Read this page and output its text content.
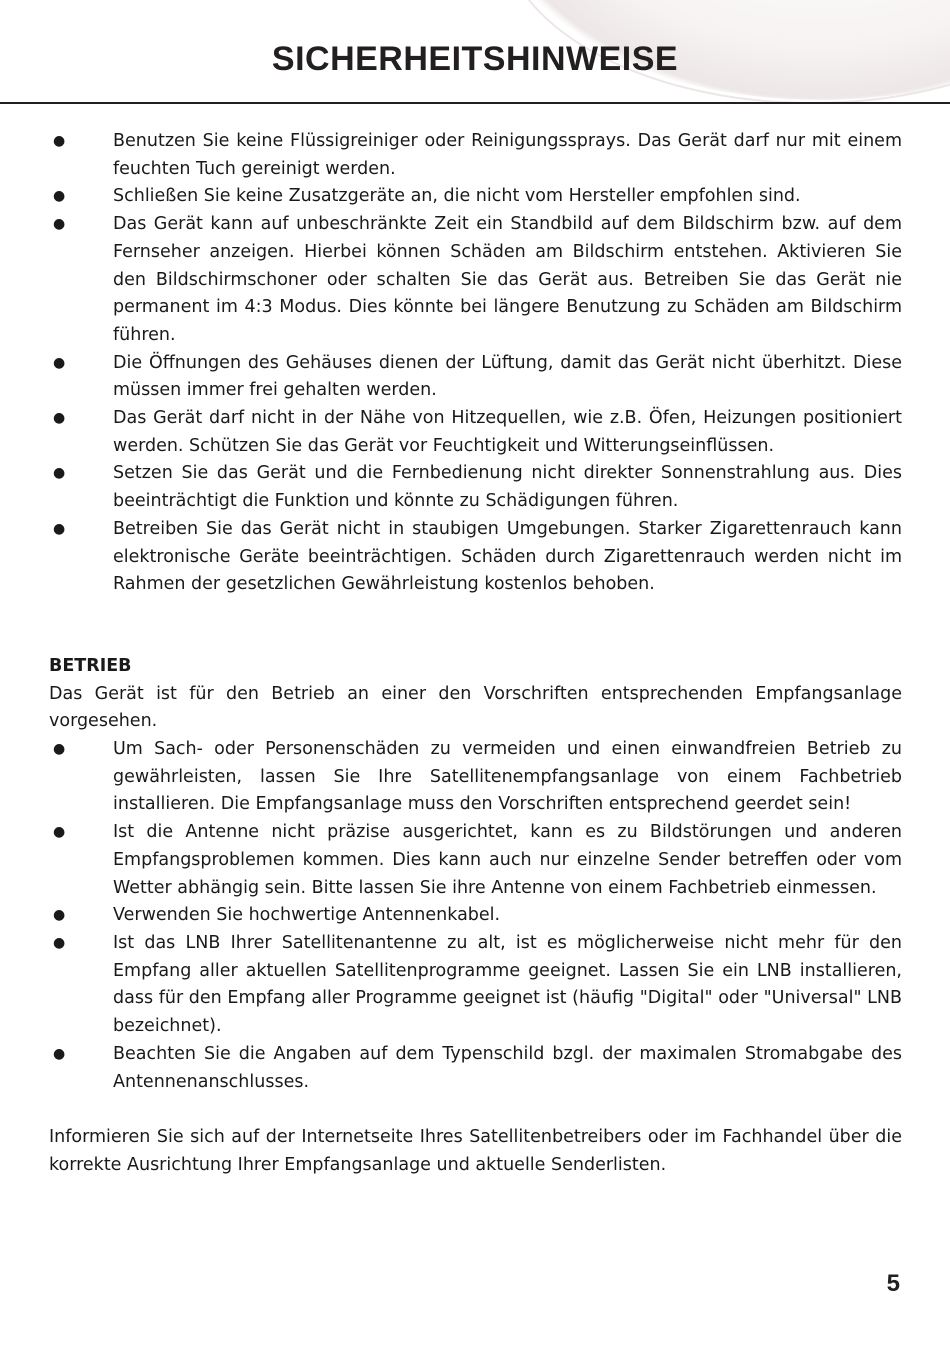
SICHERHEITSHINWEISE
●	Benutzen Sie keine Flüssigreiniger oder Reinigungssprays. Das Gerät darf nur mit einem feuchten Tuch gereinigt werden.
●	Schließen Sie keine Zusatzgeräte an, die nicht vom Hersteller empfohlen sind.
●	Das Gerät kann auf unbeschränkte Zeit ein Standbild auf dem Bildschirm bzw. auf dem Fernseher anzeigen. Hierbei können Schäden am Bildschirm entstehen. Aktivieren Sie den Bildschirmschoner oder schalten Sie das Gerät aus. Betreiben Sie das Gerät nie permanent im 4:3 Modus. Dies könnte bei längere Benutzung zu Schäden am Bildschirm führen.
●	Die Öffnungen des Gehäuses dienen der Lüftung, damit das Gerät nicht überhitzt. Diese müssen immer frei gehalten werden.
●	Das Gerät darf nicht in der Nähe von Hitzequellen, wie z.B. Öfen, Heizungen positioniert werden. Schützen Sie das Gerät vor Feuchtigkeit und Witterungseinflüssen.
●	Setzen Sie das Gerät und die Fernbedienung nicht direkter Sonnenstrahlung aus. Dies beeinträchtigt die Funktion und könnte zu Schädigungen führen.
●	Betreiben Sie das Gerät nicht in staubigen Umgebungen. Starker Zigarettenrauch kann elektronische Geräte beeinträchtigen. Schäden durch Zigarettenrauch werden nicht im Rahmen der gesetzlichen Gewährleistung kostenlos behoben.
BETRIEB

Das Gerät ist für den Betrieb an einer den Vorschriften entsprechenden Empfangsanlage vorgesehen.

●	Um Sach- oder Personenschäden zu vermeiden und einen einwandfreien Betrieb zu gewährleisten, lassen Sie Ihre Satellitenempfangsanlage von einem Fachbetrieb installieren. Die Empfangsanlage muss den Vorschriften entsprechend geerdet sein!
●	Ist die Antenne nicht präzise ausgerichtet, kann es zu Bildstörungen und anderen Empfangsproblemen kommen. Dies kann auch nur einzelne Sender betreffen oder vom Wetter abhängig sein. Bitte lassen Sie ihre Antenne von einem Fachbetrieb einmessen.
●	Verwenden Sie hochwertige Antennenkabel.
●	Ist das LNB Ihrer Satellitenantenne zu alt, ist es möglicherweise nicht mehr für den Empfang aller aktuellen Satellitenprogramme geeignet. Lassen Sie ein LNB installieren, dass für den Empfang aller Programme geeignet ist (häufig "Digital" oder "Universal" LNB bezeichnet).
●	Beachten Sie die Angaben auf dem Typenschild bzgl. der maximalen Stromabgabe des Antennenanschlusses.

Informieren Sie sich auf der Internetseite Ihres Satellitenbetreibers oder im Fachhandel über die korrekte Ausrichtung Ihrer Empfangsanlage und aktuelle Senderlisten.

5
